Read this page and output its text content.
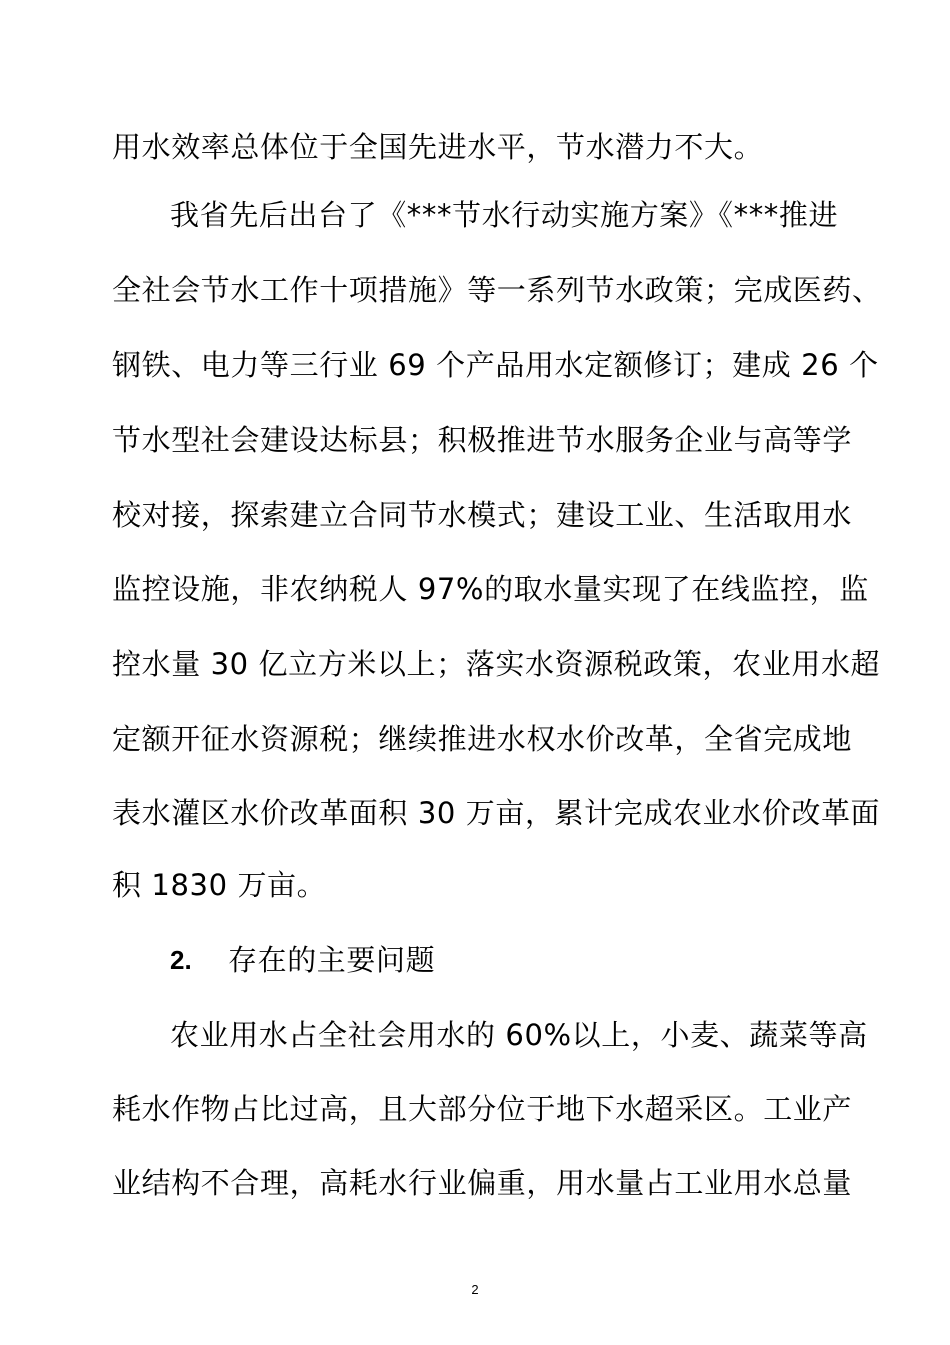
用水效率总体位于全国先进水平，节水潜力不大。
我省先后出台了《***节水行动实施方案》《***推进
全社会节水工作十项措施》等一系列节水政策；完成医药、
钢铁、电力等三行业 69 个产品用水定额修订；建成 26 个
节水型社会建设达标县；积极推进节水服务企业与高等学
校对接，探索建立合同节水模式；建设工业、生活取用水
监控设施，非农纳税人 97%的取水量实现了在线监控，监
控水量 30 亿立方米以上；落实水资源税政策，农业用水超
定额开征水资源税；继续推进水权水价改革，全省完成地
表水灌区水价改革面积 30 万亩，累计完成农业水价改革面
积 1830 万亩。
2. 存在的主要问题
农业用水占全社会用水的 60%以上，小麦、蔬菜等高
耗水作物占比过高，且大部分位于地下水超采区。工业产
业结构不合理，高耗水行业偏重，用水量占工业用水总量
2
